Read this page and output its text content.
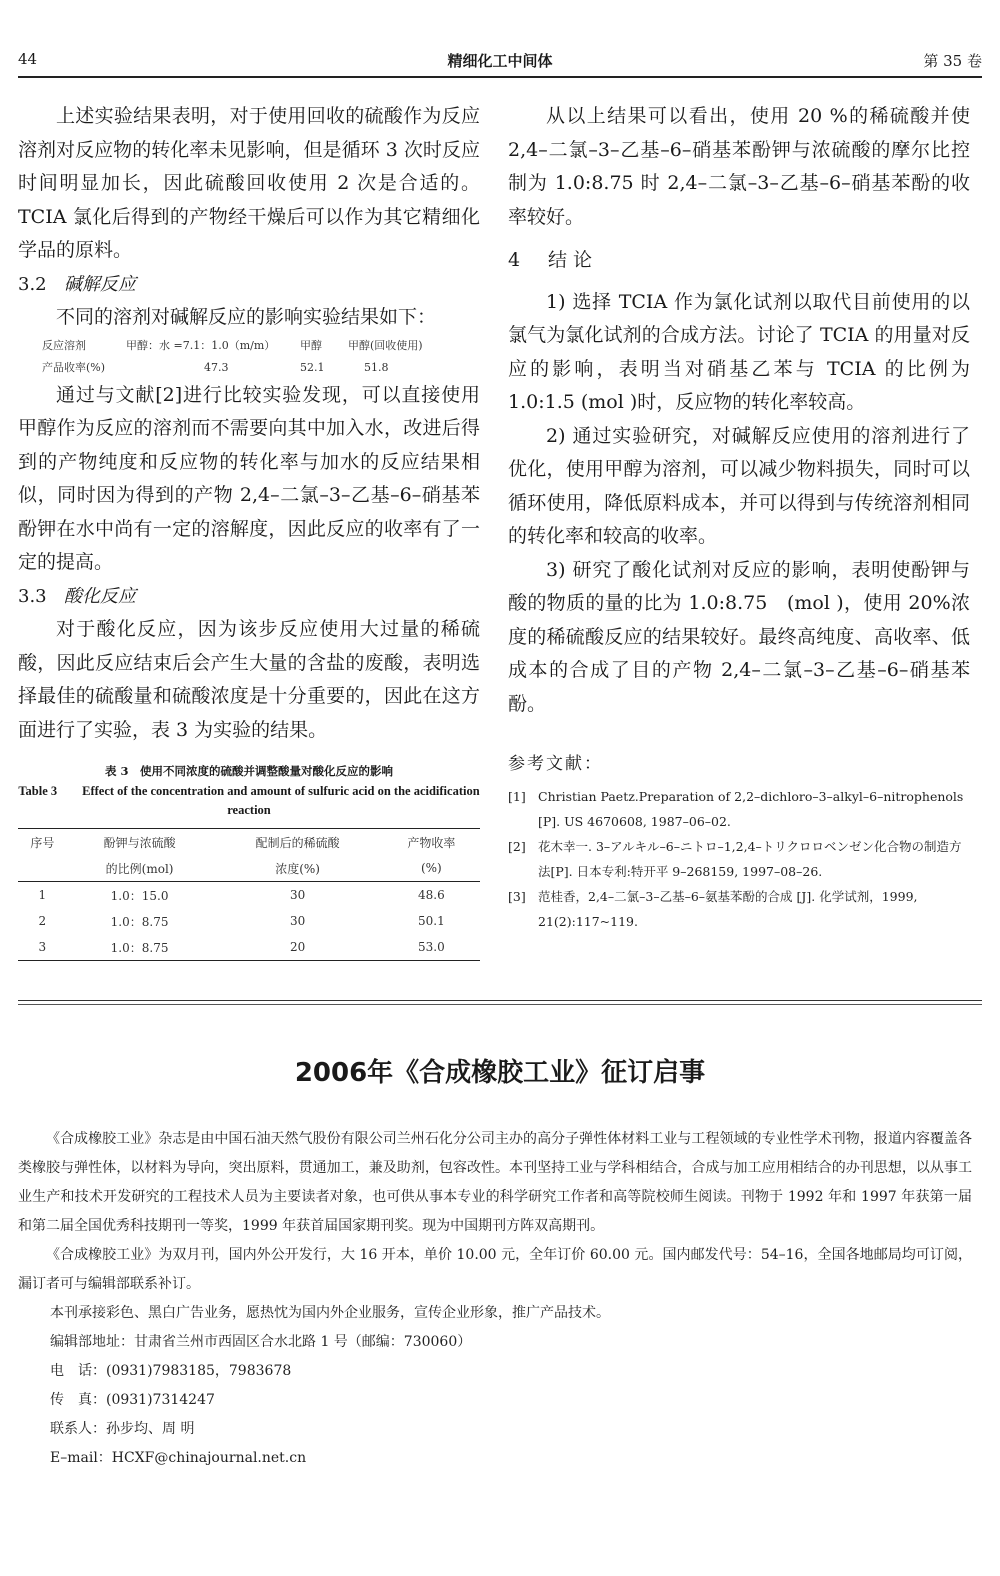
44	精细化工中间体	第 35 卷

上述实验结果表明，对于使用回收的硫酸作为反应溶剂对反应物的转化率未见影响，但是循环 3 次时反应时间明显加长，因此硫酸回收使用 2 次是合适的。TCIA 氯化后得到的产物经干燥后可以作为其它精细化学品的原料。

3.2 碱解反应

不同的溶剂对碱解反应的影响实验结果如下：

反应溶剂	甲醇：水 =7.1：1.0（m/m） 甲醇 甲醇(回收使用)
产品收率(%)	47.3	52.1	51.8

通过与文献[2]进行比较实验发现，可以直接使用甲醇作为反应的溶剂而不需要向其中加入水，改进后得到的产物纯度和反应物的转化率与加水的反应结果相似，同时因为得到的产物 2,4–二氯–3–乙基–6–硝基苯酚钾在水中尚有一定的溶解度，因此反应的收率有了一定的提高。

3.3 酸化反应

对于酸化反应，因为该步反应使用大过量的稀硫酸，因此反应结束后会产生大量的含盐的废酸，表明选择最佳的硫酸量和硫酸浓度是十分重要的，因此在这方面进行了实验，表 3 为实验的结果。

表 3　使用不同浓度的硫酸并调整酸量对酸化反应的影响

Table 3　　Effect of the concentration and amount of sulfuric acid on the acidification reaction

序号	酚钾与浓硫酸	配制后的稀硫酸	产物收率
	的比例(mol)	浓度(%)	(%)
1	1.0：15.0	30	48.6
2	1.0：8.75	30	50.1
3	1.0：8.75	20	53.0

从以上结果可以看出，使用 20 %的稀硫酸并使 2,4–二氯–3–乙基–6–硝基苯酚钾与浓硫酸的摩尔比控制为 1.0:8.75 时 2,4–二氯–3–乙基–6–硝基苯酚的收率较好。

4 结论

1) 选择 TCIA 作为氯化试剂以取代目前使用的以氯气为氯化试剂的合成方法。讨论了 TCIA 的用量对反应的影响，表明当对硝基乙苯与 TCIA 的比例为 1.0:1.5 (mol )时，反应物的转化率较高。

2) 通过实验研究，对碱解反应使用的溶剂进行了优化，使用甲醇为溶剂，可以减少物料损失，同时可以循环使用，降低原料成本，并可以得到与传统溶剂相同的转化率和较高的收率。

3) 研究了酸化试剂对反应的影响，表明使酚钾与酸的物质的量的比为 1.0:8.75　(mol )，使用 20%浓度的稀硫酸反应的结果较好。最终高纯度、高收率、低成本的合成了目的产物 2,4–二氯–3–乙基–6–硝基苯酚。

参考文献：

[1] Christian Paetz.Preparation of 2,2–dichloro–3–alkyl–6–nitrophenols [P]. US 4670608, 1987–06–02.

[2] 花木幸一. 3–アルキル–6–ニトロ–1,2,4–トリクロロベンゼン化合物の制造方法[P]. 日本专利:特开平 9–268159, 1997–08–26.

[3] 范桂香，2,4–二氯–3–乙基–6–氨基苯酚的合成 [J]. 化学试剂，1999, 21(2):117~119.

2006年《合成橡胶工业》征订启事

《合成橡胶工业》杂志是由中国石油天然气股份有限公司兰州石化分公司主办的高分子弹性体材料工业与工程领域的专业性学术刊物，报道内容覆盖各类橡胶与弹性体，以材料为导向，突出原料，贯通加工，兼及助剂，包容改性。本刊坚持工业与学科相结合，合成与加工应用相结合的办刊思想，以从事工业生产和技术开发研究的工程技术人员为主要读者对象，也可供从事本专业的科学研究工作者和高等院校师生阅读。刊物于 1992 年和 1997 年获第一届和第二届全国优秀科技期刊一等奖，1999 年获首届国家期刊奖。现为中国期刊方阵双高期刊。

《合成橡胶工业》为双月刊，国内外公开发行，大 16 开本，单价 10.00 元，全年订价 60.00 元。国内邮发代号：54–16，全国各地邮局均可订阅，漏订者可与编辑部联系补订。

本刊承接彩色、黑白广告业务，愿热忱为国内外企业服务，宣传企业形象，推广产品技术。

编辑部地址：甘肃省兰州市西固区合水北路 1 号（邮编：730060）

电　话：(0931)7983185，7983678

传　真：(0931)7314247

联系人：孙步均、周 明

E–mail：HCXF@chinajournal.net.cn
